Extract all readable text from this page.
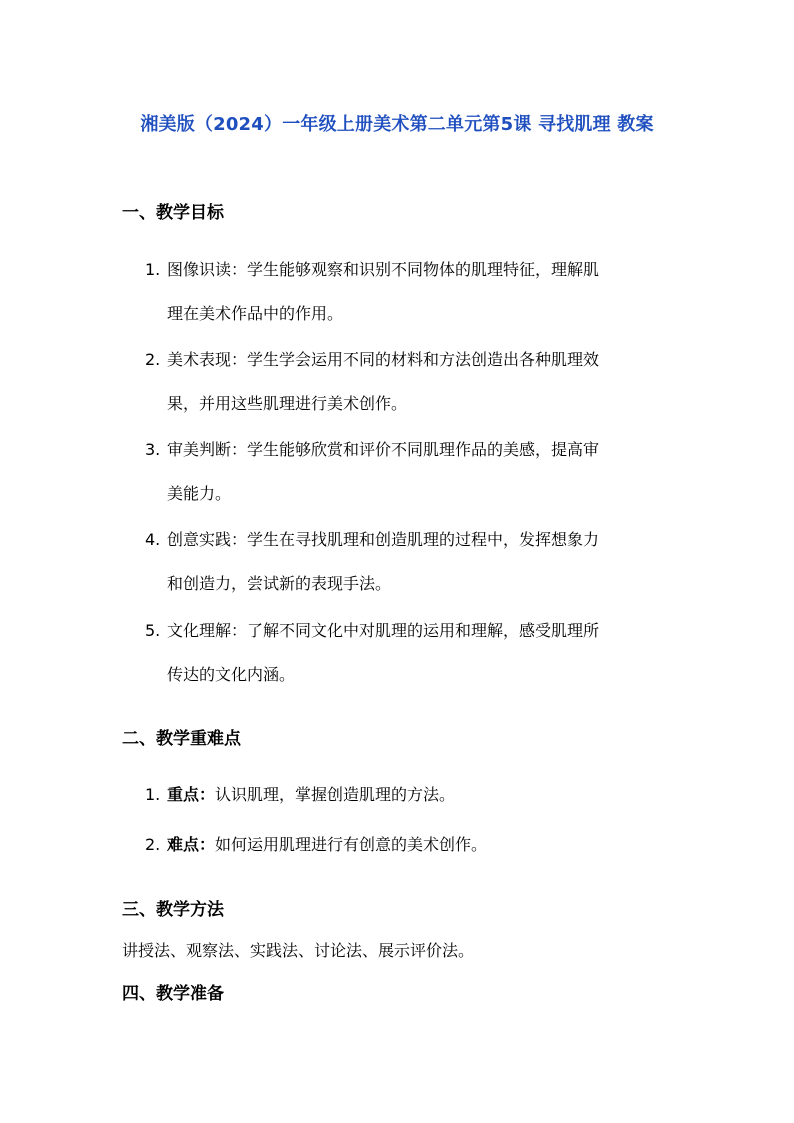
湘美版（2024）一年级上册美术第二单元第5课 寻找肌理 教案
一、教学目标
1. 图像识读：学生能够观察和识别不同物体的肌理特征，理解肌
理在美术作品中的作用。
2. 美术表现：学生学会运用不同的材料和方法创造出各种肌理效
果，并用这些肌理进行美术创作。
3. 审美判断：学生能够欣赏和评价不同肌理作品的美感，提高审
美能力。
4. 创意实践：学生在寻找肌理和创造肌理的过程中，发挥想象力
和创造力，尝试新的表现手法。
5. 文化理解：了解不同文化中对肌理的运用和理解，感受肌理所
传达的文化内涵。
二、教学重难点
1. 重点：认识肌理，掌握创造肌理的方法。
2. 难点：如何运用肌理进行有创意的美术创作。
三、教学方法
讲授法、观察法、实践法、讨论法、展示评价法。
四、教学准备
